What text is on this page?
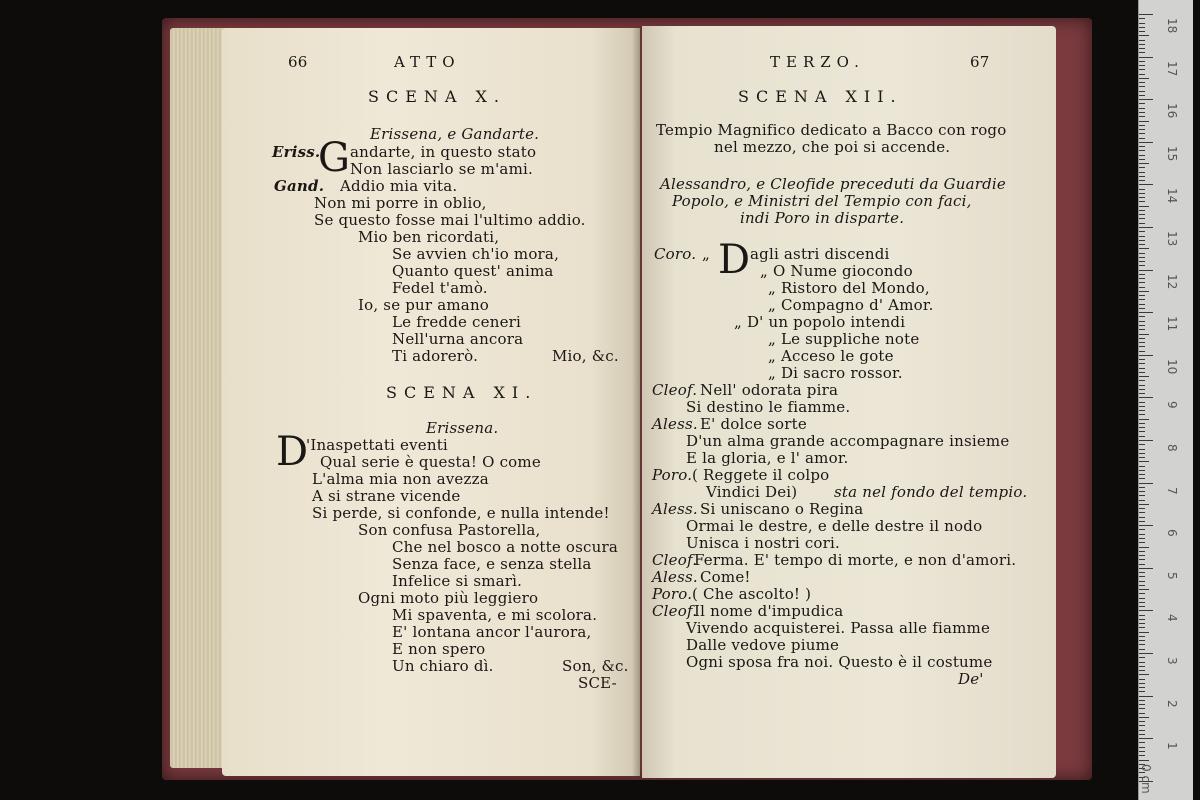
66	ATTO
SCENA X.
Erissena, e Gandarte.
Eriss.
G andarte, in questo stato
Non lasciarlo se m'ami.
Gand. Addio mia vita.
Non mi porre in oblio,
Se questo fosse mai l'ultimo addio.
Mio ben ricordati,
Se avvien ch'io mora,
Quanto quest' anima
Fedel t'amò.
Io, se pur amano
Le fredde ceneri
Nell'urna ancora
Ti adorerò.	Mio, &c.
SCENA XI.
Erissena.
D
'Inaspettati eventi
Qual serie è questa! O come
L'alma mia non avezza
A si strane vicende
Si perde, si confonde, e nulla intende!
Son confusa Pastorella,
Che nel bosco a notte oscura
Senza face, e senza stella
Infelice si smarì.
Ogni moto più leggiero
Mi spaventa, e mi scolora.
E' lontana ancor l'aurora,
E non spero
Un chiaro dì.	Son, &c.
SCE-
TERZO.	67
SCENA XII.
Tempio Magnifico dedicato a Bacco con rogo
nel mezzo, che poi si accende.
Alessandro, e Cleofide preceduti da Guardie
Popolo, e Ministri del Tempio con faci,
indi Poro in disparte.
Coro. „ D agli astri discendi
„ O Nume giocondo
„ Ristoro del Mondo,
„ Compagno d' Amor.
„ D' un popolo intendi
„ Le suppliche note
„ Acceso le gote
„ Di sacro rossor.
Cleof. Nell' odorata pira
Si destino le fiamme.
Aless. E' dolce sorte
D'un alma grande accompagnare insieme
E la gloria, e l' amor.
Poro. ( Reggete il colpo
Vindici Dei) sta nel fondo del tempio.
Aless. Si uniscano o Regina
Ormai le destre, e delle destre il nodo
Unisca i nostri cori.
Cleof.
Ferma. E' tempo di morte, e non d'amori.
Aless. Come!
Poro. ( Che ascolto! )
Cleof.
Il nome d'impudica
Vivendo acquisterei. Passa alle fiamme
Dalle vedove piume
Ogni sposa fra noi. Questo è il costume
De'
18
17
16
15
14
13
12
11
10
9
8
7
6
5
4
3
2
1
0 cm
